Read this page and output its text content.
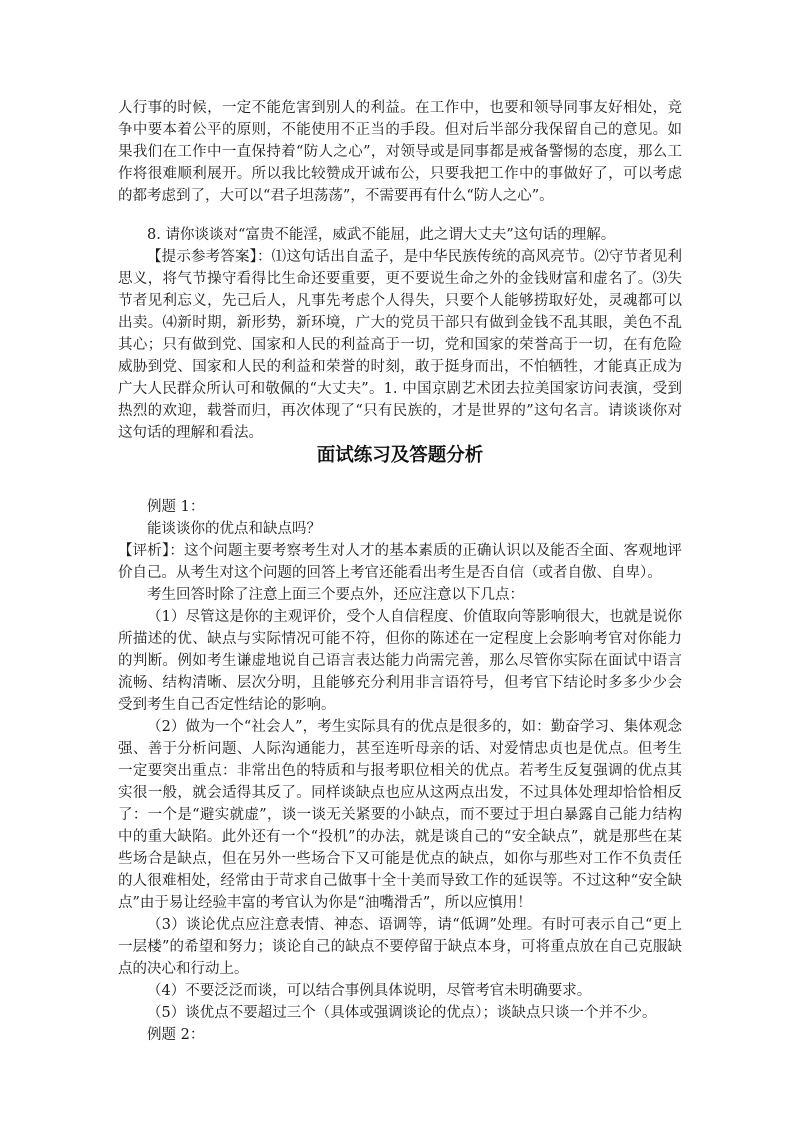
人行事的时候，一定不能危害到别人的利益。在工作中，也要和领导同事友好相处，竞争中要本着公平的原则，不能使用不正当的手段。但对后半部分我保留自己的意见。如果我们在工作中一直保持着“防人之心”，对领导或是同事都是戒备警惕的态度，那么工作将很难顺利展开。所以我比较赞成开诚布公，只要我把工作中的事做好了，可以考虑的都考虑到了，大可以“君子坦荡荡”，不需要再有什么“防人之心”。

8. 请你谈谈对“富贵不能淫，威武不能屈，此之谓大丈夫”这句话的理解。

【提示参考答案】：⑴这句话出自孟子，是中华民族传统的高风亮节。⑵守节者见利思义，将气节操守看得比生命还要重要，更不要说生命之外的金钱财富和虚名了。⑶失节者见利忘义，先己后人，凡事先考虑个人得失，只要个人能够捞取好处，灵魂都可以出卖。⑷新时期，新形势，新环境，广大的党员干部只有做到金钱不乱其眼，美色不乱其心；只有做到党、国家和人民的利益高于一切，党和国家的荣誉高于一切，在有危险威胁到党、国家和人民的利益和荣誉的时刻，敢于挺身而出，不怕牺牲，才能真正成为广大人民群众所认可和敬佩的“大丈夫”。1. 中国京剧艺术团去拉美国家访问表演，受到热烈的欢迎，载誉而归，再次体现了“只有民族的，才是世界的”这句名言。请谈谈你对这句话的理解和看法。

面试练习及答题分析

例题 1：

能谈谈你的优点和缺点吗？

【评析】：这个问题主要考察考生对人才的基本素质的正确认识以及能否全面、客观地评价自己。从考生对这个问题的回答上考官还能看出考生是否自信（或者自傲、自卑）。

考生回答时除了注意上面三个要点外，还应注意以下几点：

（1）尽管这是你的主观评价，受个人自信程度、价值取向等影响很大，也就是说你所描述的优、缺点与实际情况可能不符，但你的陈述在一定程度上会影响考官对你能力的判断。例如考生谦虚地说自己语言表达能力尚需完善，那么尽管你实际在面试中语言流畅、结构清晰、层次分明，且能够充分利用非言语符号，但考官下结论时多多少少会受到考生自己否定性结论的影响。

（2）做为一个“社会人”，考生实际具有的优点是很多的，如：勤奋学习、集体观念强、善于分析问题、人际沟通能力，甚至连听母亲的话、对爱情忠贞也是优点。但考生一定要突出重点：非常出色的特质和与报考职位相关的优点。若考生反复强调的优点其实很一般，就会适得其反了。同样谈缺点也应从这两点出发，不过具体处理却恰恰相反了：一个是“避实就虚”，谈一谈无关紧要的小缺点，而不要过于坦白暴露自己能力结构中的重大缺陷。此外还有一个“投机”的办法，就是谈自己的“安全缺点”，就是那些在某些场合是缺点，但在另外一些场合下又可能是优点的缺点，如你与那些对工作不负责任的人很难相处，经常由于苛求自己做事十全十美而导致工作的延误等。不过这种“安全缺点”由于易让经验丰富的考官认为你是“油嘴滑舌”，所以应慎用！

（3）谈论优点应注意表情、神态、语调等，请“低调”处理。有时可表示自己“更上一层楼”的希望和努力；谈论自己的缺点不要停留于缺点本身，可将重点放在自己克服缺点的决心和行动上。

（4）不要泛泛而谈，可以结合事例具体说明，尽管考官未明确要求。

（5）谈优点不要超过三个（具体或强调谈论的优点）；谈缺点只谈一个并不少。

例题 2：
